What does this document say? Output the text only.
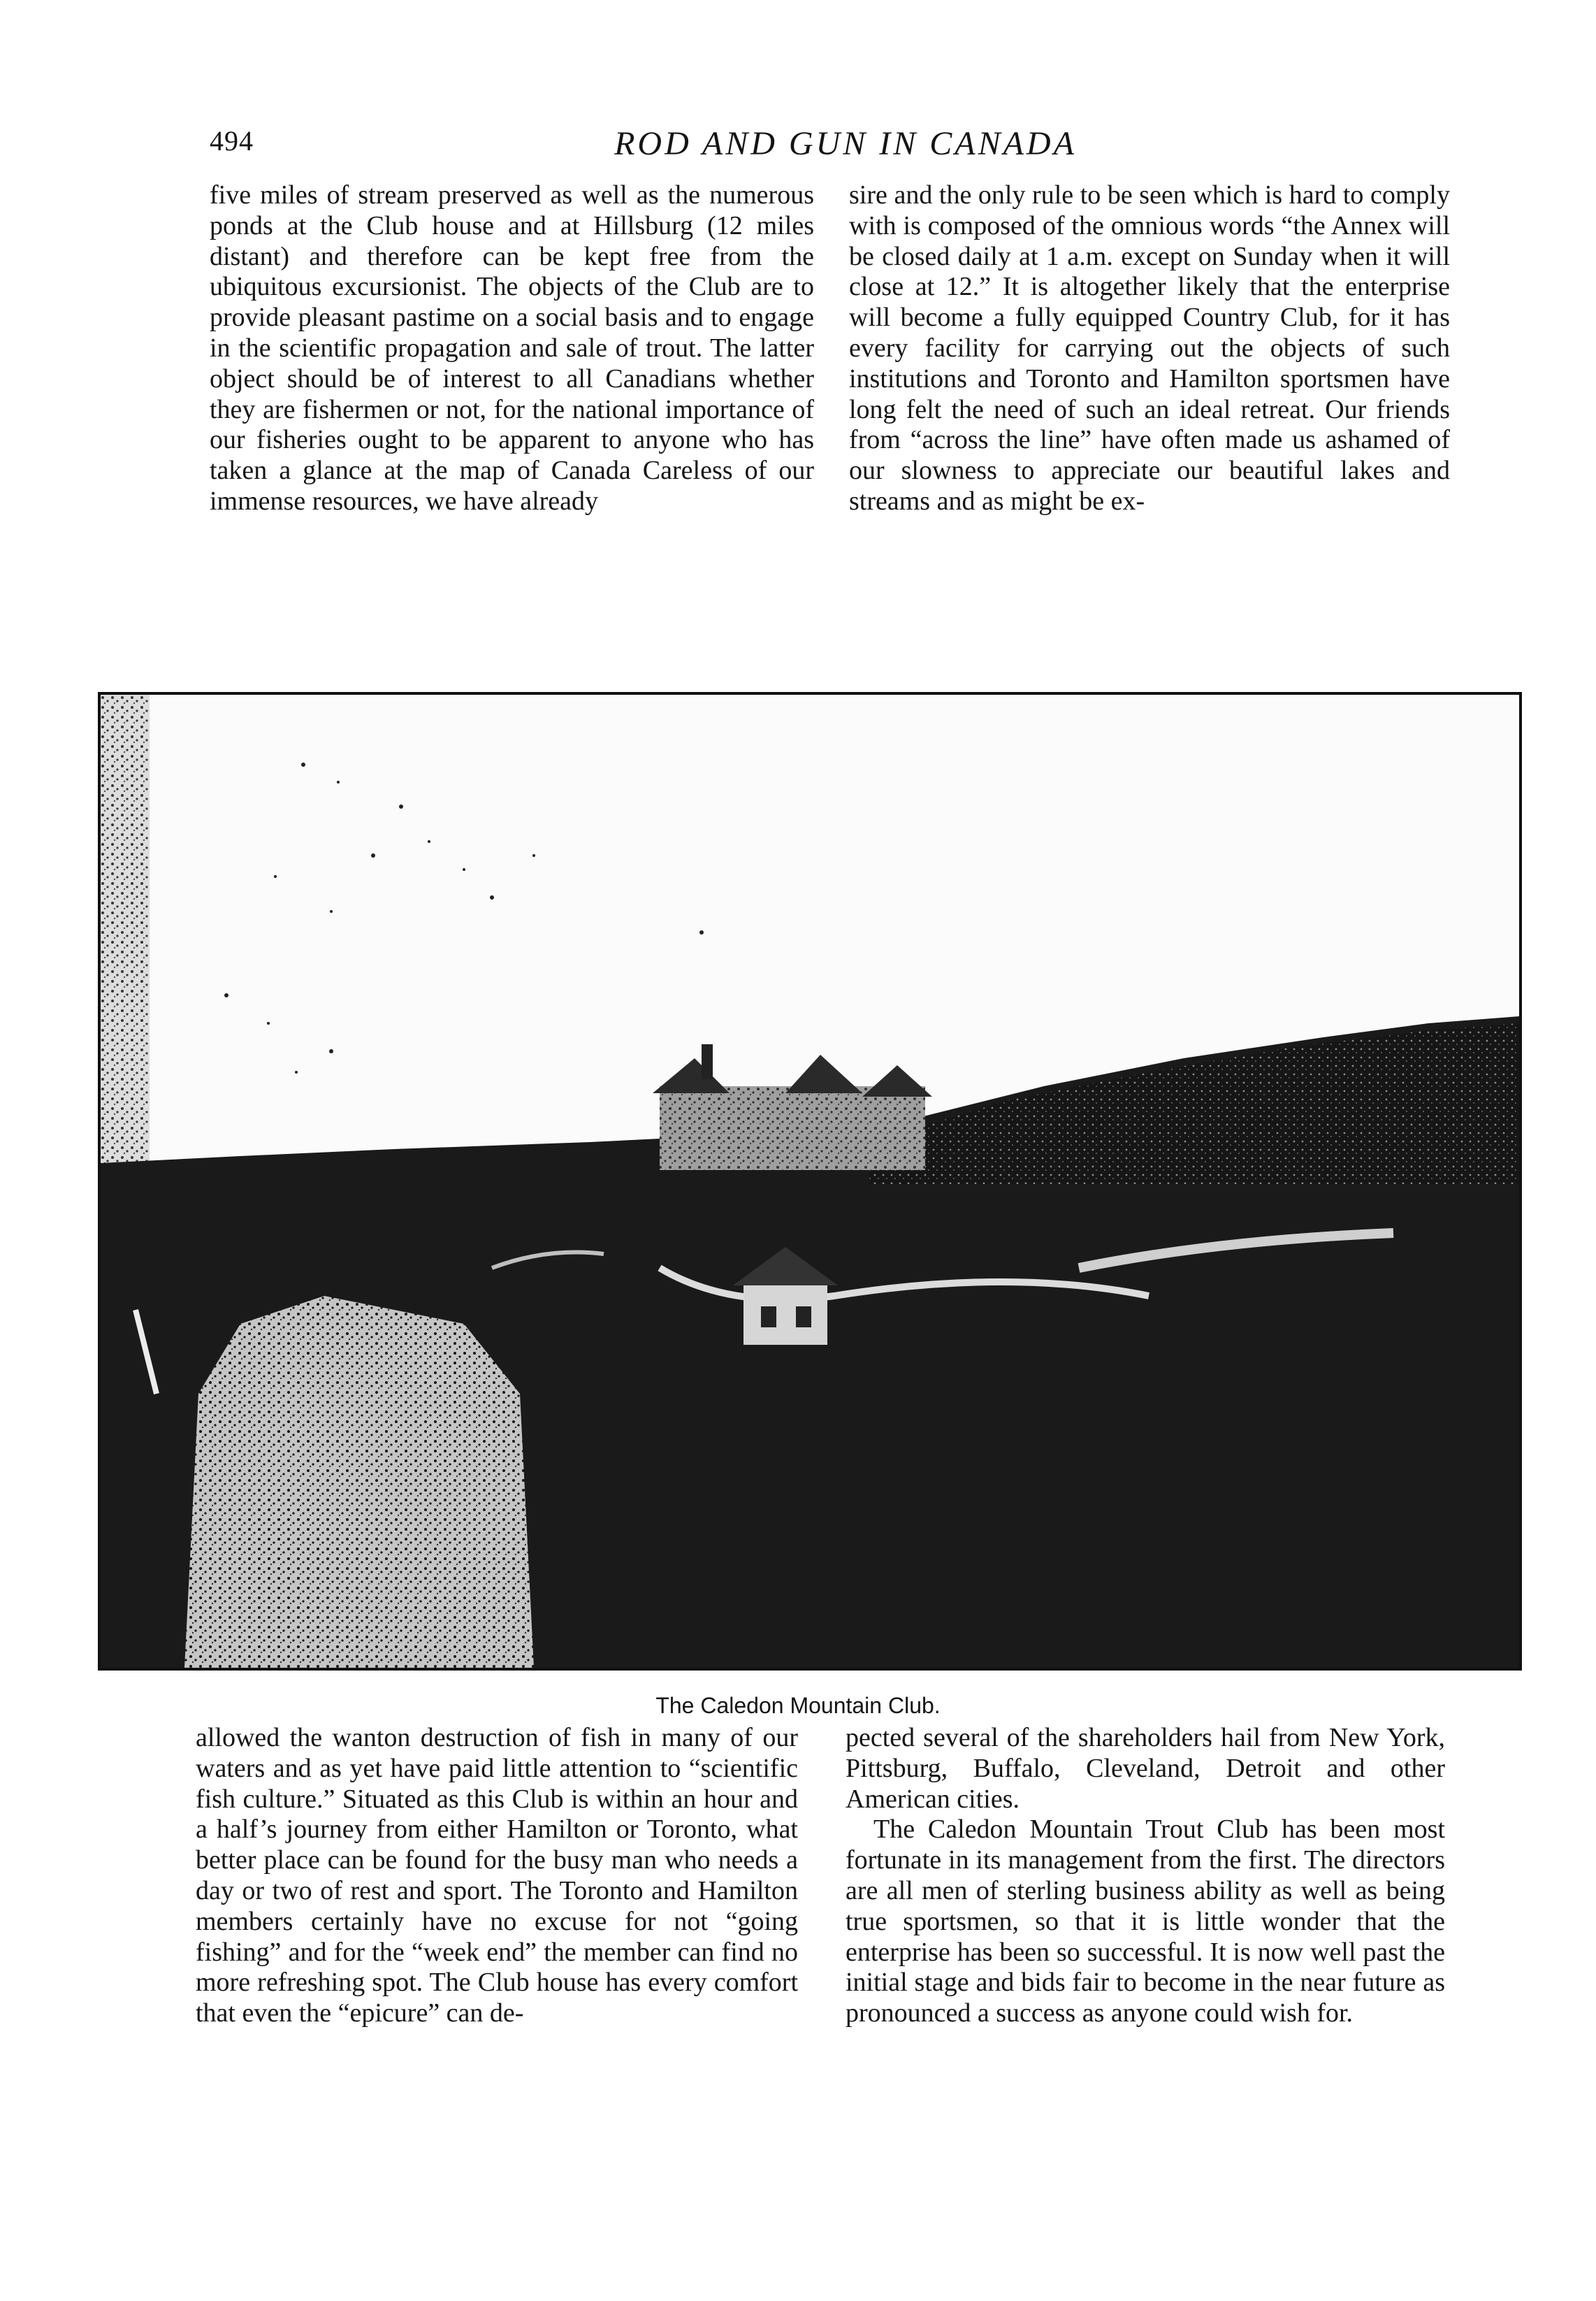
494	ROD AND GUN IN CANADA

five miles of stream preserved as well as the numerous ponds at the Club house and at Hillsburg (12 miles distant) and therefore can be kept free from the ubiquitous excursionist. The objects of the Club are to provide pleasant pastime on a social basis and to engage in the scientific propagation and sale of trout. The latter object should be of interest to all Canadians whether they are fishermen or not, for the national importance of our fisheries ought to be apparent to anyone who has taken a glance at the map of Canada Careless of our immense resources, we have already

sire and the only rule to be seen which is hard to comply with is composed of the omnious words “the Annex will be closed daily at 1 a.m. except on Sunday when it will close at 12.” It is altogether likely that the enterprise will become a fully equipped Country Club, for it has every facility for carrying out the objects of such institutions and Toronto and Hamilton sportsmen have long felt the need of such an ideal retreat. Our friends from “across the line” have often made us ashamed of our slowness to appreciate our beautiful lakes and streams and as might be ex-

The Caledon Mountain Club.

allowed the wanton destruction of fish in many of our waters and as yet have paid little attention to “scientific fish culture.” Situated as this Club is within an hour and a half’s journey from either Hamilton or Toronto, what better place can be found for the busy man who needs a day or two of rest and sport. The Toronto and Hamilton members certainly have no excuse for not “going fishing” and for the “week end” the member can find no more refreshing spot. The Club house has every comfort that even the “epicure” can de-

pected several of the shareholders hail from New York, Pittsburg, Buffalo, Cleveland, Detroit and other American cities.

The Caledon Mountain Trout Club has been most fortunate in its management from the first. The directors are all men of sterling business ability as well as being true sportsmen, so that it is little wonder that the enterprise has been so successful. It is now well past the initial stage and bids fair to become in the near future as pronounced a success as anyone could wish for.
